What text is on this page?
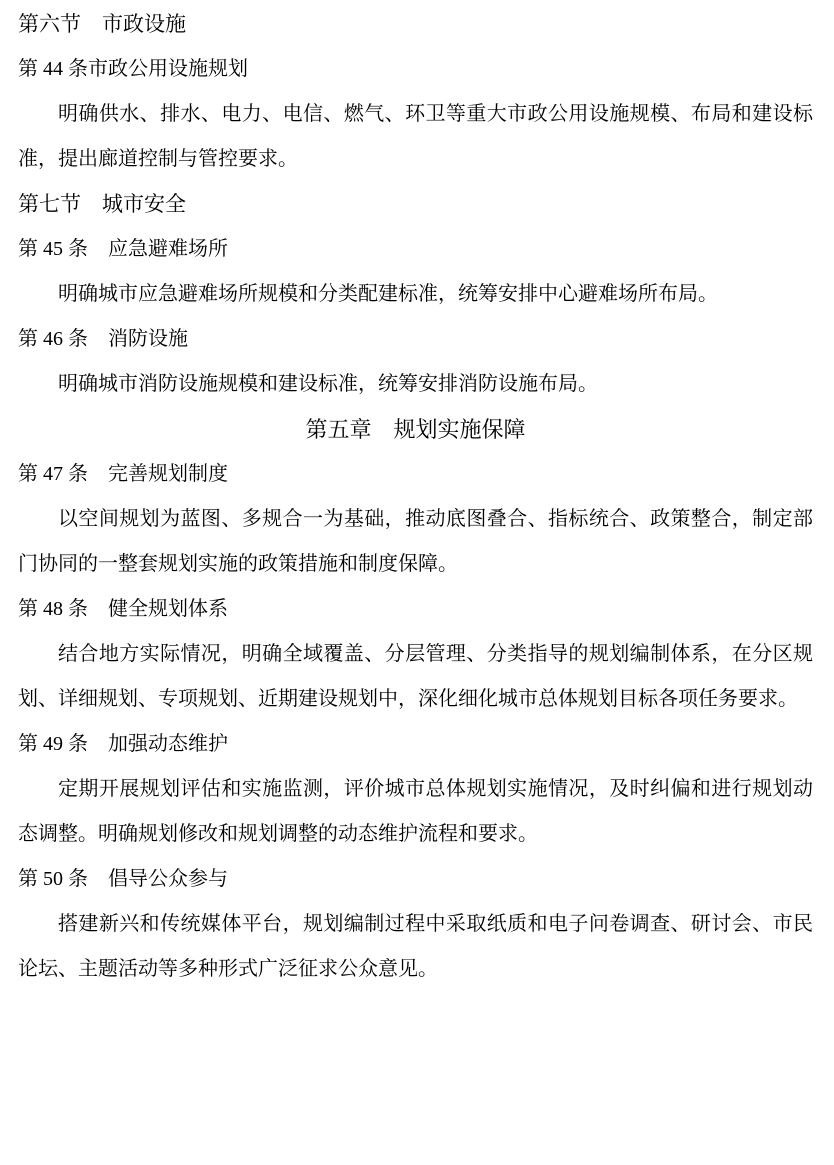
第六节　市政设施

第 44 条市政公用设施规划

明确供水、排水、电力、电信、燃气、环卫等重大市政公用设施规模、布局和建设标准，提出廊道控制与管控要求。

第七节　城市安全

第 45 条　应急避难场所

明确城市应急避难场所规模和分类配建标准，统筹安排中心避难场所布局。

第 46 条　消防设施

明确城市消防设施规模和建设标准，统筹安排消防设施布局。

第五章　规划实施保障

第 47 条　完善规划制度

以空间规划为蓝图、多规合一为基础，推动底图叠合、指标统合、政策整合，制定部门协同的一整套规划实施的政策措施和制度保障。

第 48 条　健全规划体系

结合地方实际情况，明确全域覆盖、分层管理、分类指导的规划编制体系，在分区规划、详细规划、专项规划、近期建设规划中，深化细化城市总体规划目标各项任务要求。

第 49 条　加强动态维护

定期开展规划评估和实施监测，评价城市总体规划实施情况，及时纠偏和进行规划动态调整。明确规划修改和规划调整的动态维护流程和要求。

第 50 条　倡导公众参与

搭建新兴和传统媒体平台，规划编制过程中采取纸质和电子问卷调查、研讨会、市民论坛、主题活动等多种形式广泛征求公众意见。
